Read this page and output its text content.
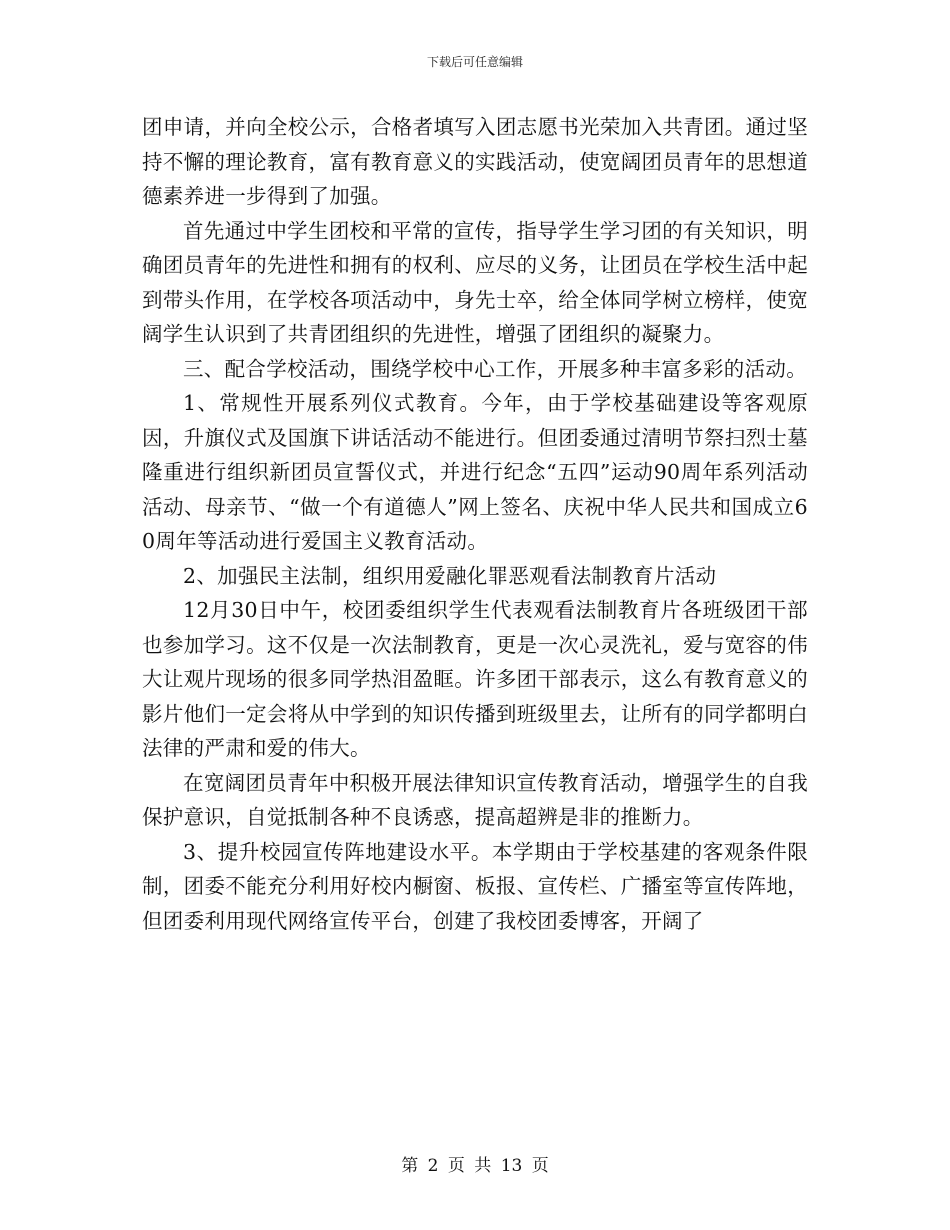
下载后可任意编辑

团申请，并向全校公示，合格者填写入团志愿书光荣加入共青团。通过坚持不懈的理论教育，富有教育意义的实践活动，使宽阔团员青年的思想道德素养进一步得到了加强。

首先通过中学生团校和平常的宣传，指导学生学习团的有关知识，明确团员青年的先进性和拥有的权利、应尽的义务，让团员在学校生活中起到带头作用，在学校各项活动中，身先士卒，给全体同学树立榜样，使宽阔学生认识到了共青团组织的先进性，增强了团组织的凝聚力。

三、配合学校活动，围绕学校中心工作，开展多种丰富多彩的活动。

1、常规性开展系列仪式教育。今年，由于学校基础建设等客观原因，升旗仪式及国旗下讲话活动不能进行。但团委通过清明节祭扫烈士墓隆重进行组织新团员宣誓仪式，并进行纪念“五四”运动90周年系列活动活动、母亲节、“做一个有道德人”网上签名、庆祝中华人民共和国成立60周年等活动进行爱国主义教育活动。

2、加强民主法制，组织用爱融化罪恶观看法制教育片活动

12月30日中午，校团委组织学生代表观看法制教育片各班级团干部也参加学习。这不仅是一次法制教育，更是一次心灵洗礼，爱与宽容的伟大让观片现场的很多同学热泪盈眶。许多团干部表示，这么有教育意义的影片他们一定会将从中学到的知识传播到班级里去，让所有的同学都明白法律的严肃和爱的伟大。

在宽阔团员青年中积极开展法律知识宣传教育活动，增强学生的自我保护意识，自觉抵制各种不良诱惑，提高超辨是非的推断力。

3、提升校园宣传阵地建设水平。本学期由于学校基建的客观条件限制，团委不能充分利用好校内橱窗、板报、宣传栏、广播室等宣传阵地，但团委利用现代网络宣传平台，创建了我校团委博客，开阔了

第 2 页 共 13 页
